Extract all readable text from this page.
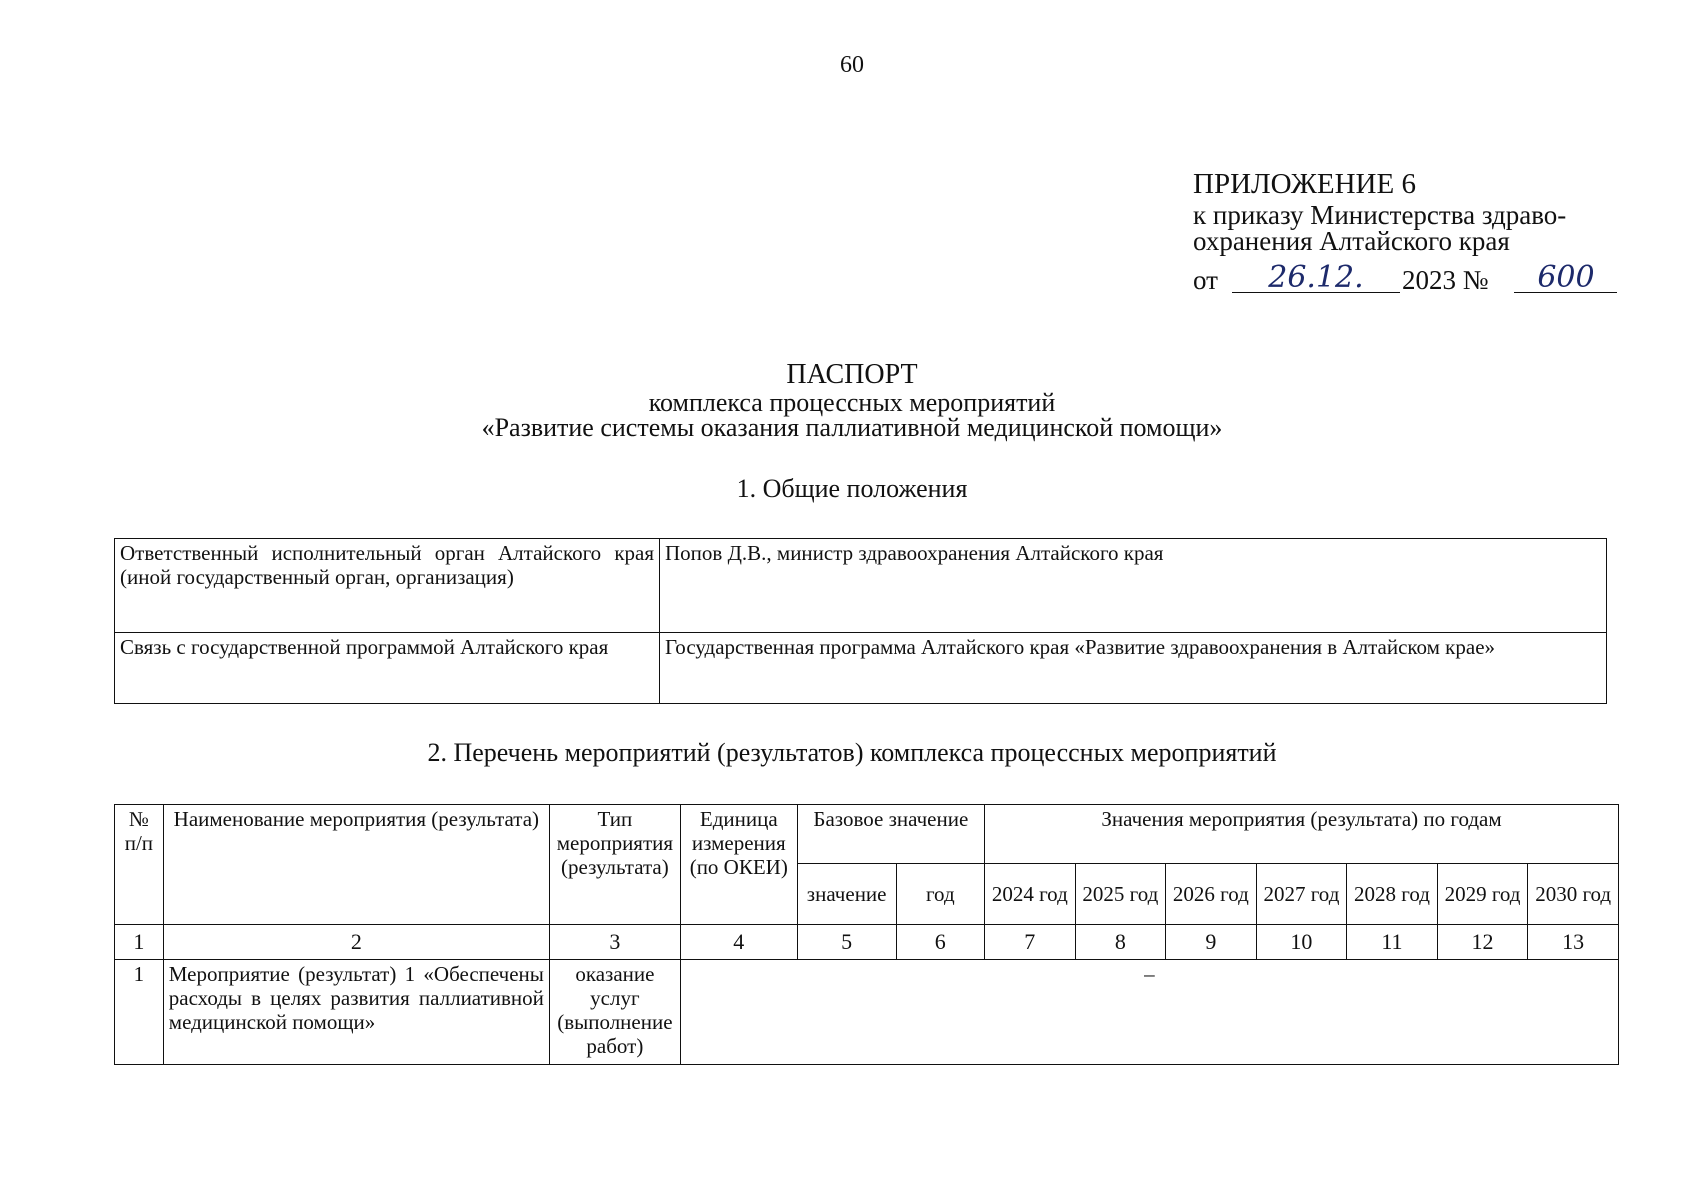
60
ПРИЛОЖЕНИЕ 6
к приказу Министерства здраво-
охранения Алтайского края
от	26.12.	2023 №	600
ПАСПОРТ
комплекса процессных мероприятий
«Развитие системы оказания паллиативной медицинской помощи»
1. Общие положения
Ответственный исполнительный орган Алтайского края (иной государственный орган, организация)	Попов Д.В., министр здравоохранения Алтайского края
Связь с государственной программой Алтайского края	Государственная программа Алтайского края «Развитие здравоохранения в Алтайском крае»
2. Перечень мероприятий (результатов) комплекса процессных мероприятий
№ п/п	Наименование мероприятия (результата)	Тип мероприятия (результата)	Единица измерения (по ОКЕИ)	Базовое значение		Значения мероприятия (результата) по годам						
				значение	год	2024 год	2025 год	2026 год	2027 год	2028 год	2029 год	2030 год
1	2	3	4	5	6	7	8	9	10	11	12	13
1	Мероприятие (результат) 1 «Обеспечены расходы в целях развития паллиативной медицинской помощи»	оказание услуг (выполнение работ)	–									
